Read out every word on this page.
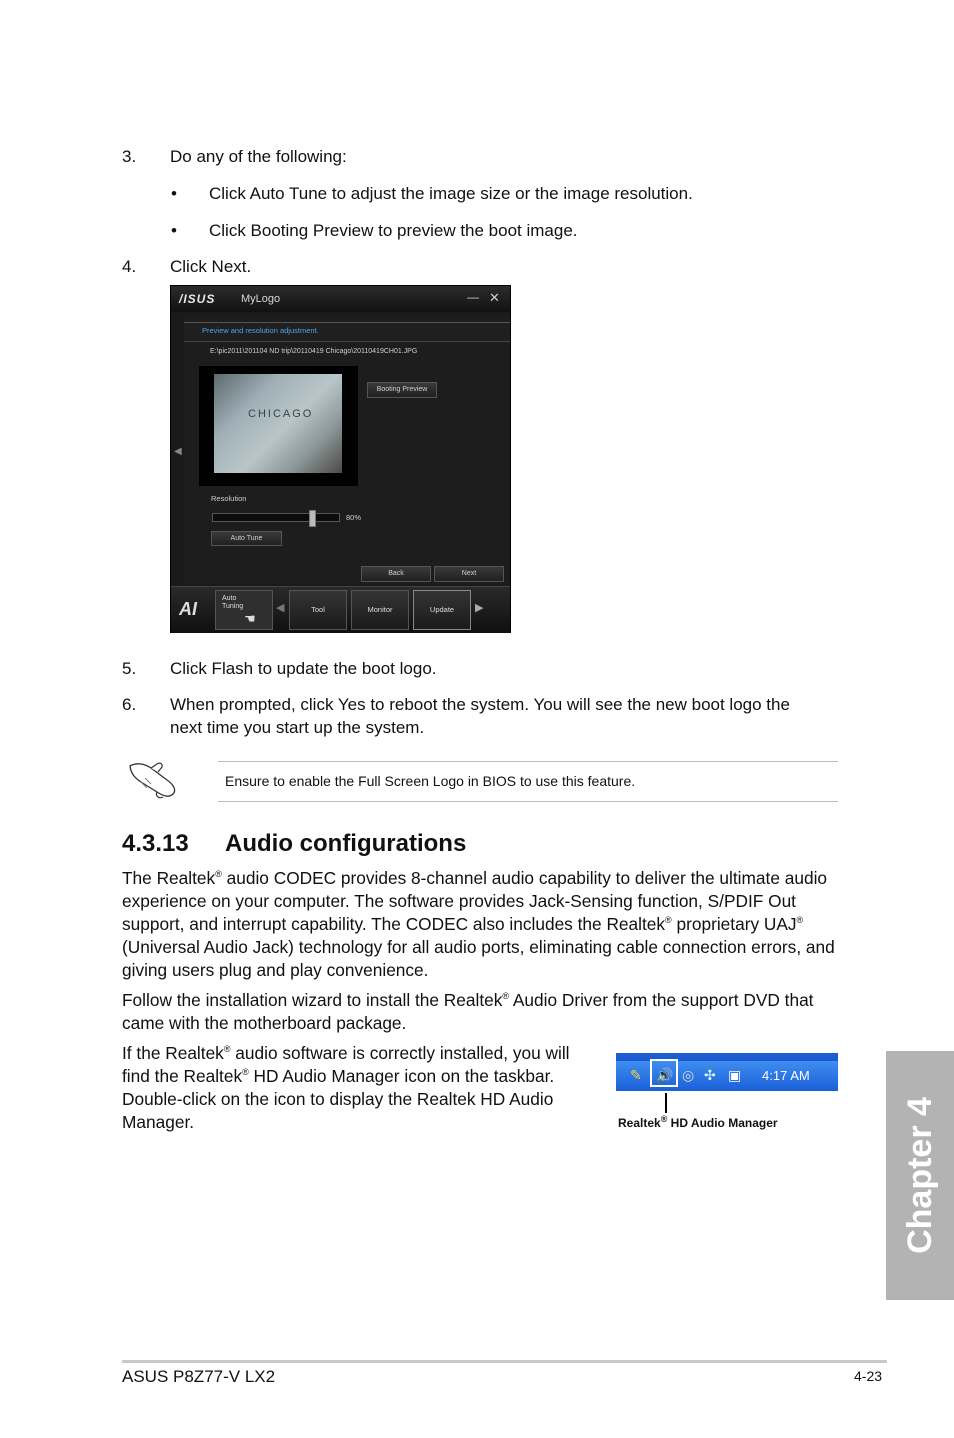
3. Do any of the following:
• Click Auto Tune to adjust the image size or the image resolution.
• Click Booting Preview to preview the boot image.
4. Click Next.
/ISUS MyLogo	— ✕
◀
Preview and resolution adjustment.
E:\pic2011\201104 ND trip\20110419 Chicago\20110419CH01.JPG
CHICAGO
Booting Preview
Resolution
80%
Auto Tune
Back	Next
AI
Auto Tuning
☚
◀	Tool	Monitor	Update	▶
5. Click Flash to update the boot logo.
6. When prompted, click Yes to reboot the system. You will see the new boot logo the
next time you start up the system.
Ensure to enable the Full Screen Logo in BIOS to use this feature.
4.3.13 Audio configurations
The Realtek® audio CODEC provides 8-channel audio capability to deliver the ultimate audio experience on your computer. The software provides Jack-Sensing function, S/PDIF Out support, and interrupt capability. The CODEC also includes the Realtek® proprietary UAJ® (Universal Audio Jack) technology for all audio ports, eliminating cable connection errors, and giving users plug and play convenience.
Follow the installation wizard to install the Realtek® Audio Driver from the support DVD that came with the motherboard package.
If the Realtek® audio software is correctly installed, you will find the Realtek® HD Audio Manager icon on the taskbar. Double-click on the icon to display the Realtek HD Audio Manager.
✎ 🔊 ◎ ✣ ▣ 4:17 AM
Realtek® HD Audio Manager	Chapter 4
ASUS P8Z77-V LX2	4-23
